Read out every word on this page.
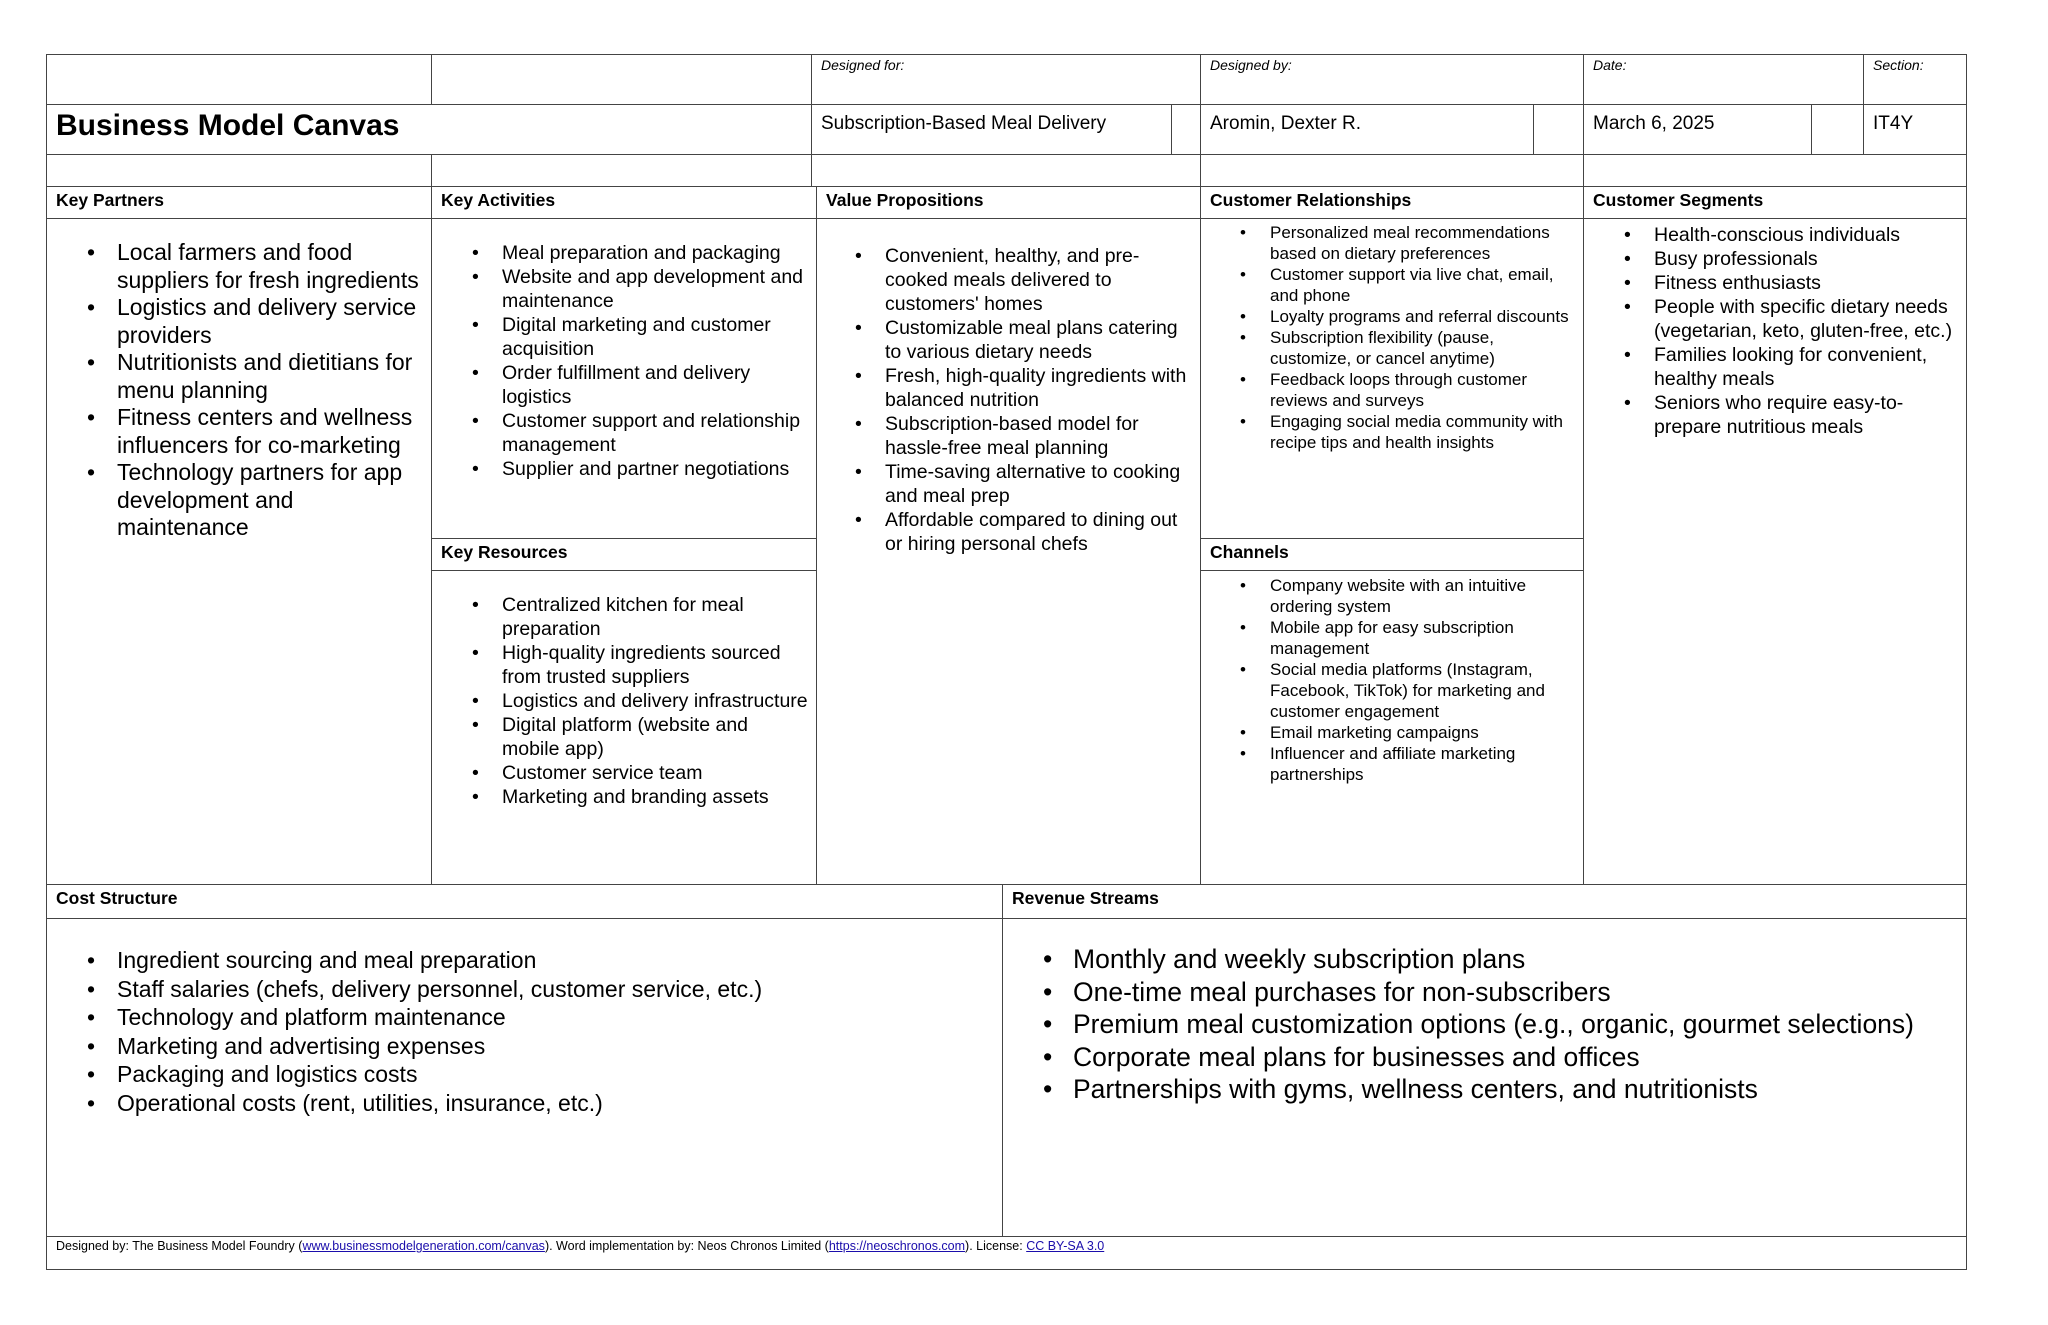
Designed for:	Designed by:	Date:	Section:
Business Model Canvas	Subscription-Based Meal Delivery	Aromin, Dexter R.	March 6, 2025	IT4Y
Key Partners	Key Activities	Value Propositions	Customer Relationships	Customer Segments
• Local farmers and food suppliers for fresh ingredients
• Logistics and delivery service providers
• Nutritionists and dietitians for menu planning
• Fitness centers and wellness influencers for co-marketing
• Technology partners for app development and maintenance
• Meal preparation and packaging
• Website and app development and maintenance
• Digital marketing and customer acquisition
• Order fulfillment and delivery logistics
• Customer support and relationship management
• Supplier and partner negotiations
Key Resources
• Centralized kitchen for meal preparation
• High-quality ingredients sourced from trusted suppliers
• Logistics and delivery infrastructure
• Digital platform (website and mobile app)
• Customer service team
• Marketing and branding assets
• Convenient, healthy, and pre-cooked meals delivered to customers' homes
• Customizable meal plans catering to various dietary needs
• Fresh, high-quality ingredients with balanced nutrition
• Subscription-based model for hassle-free meal planning
• Time-saving alternative to cooking and meal prep
• Affordable compared to dining out or hiring personal chefs
• Personalized meal recommendations based on dietary preferences
• Customer support via live chat, email, and phone
• Loyalty programs and referral discounts
• Subscription flexibility (pause, customize, or cancel anytime)
• Feedback loops through customer reviews and surveys
• Engaging social media community with recipe tips and health insights
Channels
• Company website with an intuitive ordering system
• Mobile app for easy subscription management
• Social media platforms (Instagram, Facebook, TikTok) for marketing and customer engagement
• Email marketing campaigns
• Influencer and affiliate marketing partnerships
• Health-conscious individuals
• Busy professionals
• Fitness enthusiasts
• People with specific dietary needs (vegetarian, keto, gluten-free, etc.)
• Families looking for convenient, healthy meals
• Seniors who require easy-to-prepare nutritious meals
Cost Structure	Revenue Streams
• Ingredient sourcing and meal preparation
• Staff salaries (chefs, delivery personnel, customer service, etc.)
• Technology and platform maintenance
• Marketing and advertising expenses
• Packaging and logistics costs
• Operational costs (rent, utilities, insurance, etc.)
• Monthly and weekly subscription plans
• One-time meal purchases for non-subscribers
• Premium meal customization options (e.g., organic, gourmet selections)
• Corporate meal plans for businesses and offices
• Partnerships with gyms, wellness centers, and nutritionists
Designed by: The Business Model Foundry (www.businessmodelgeneration.com/canvas). Word implementation by: Neos Chronos Limited (https://neoschronos.com). License: CC BY-SA 3.0
